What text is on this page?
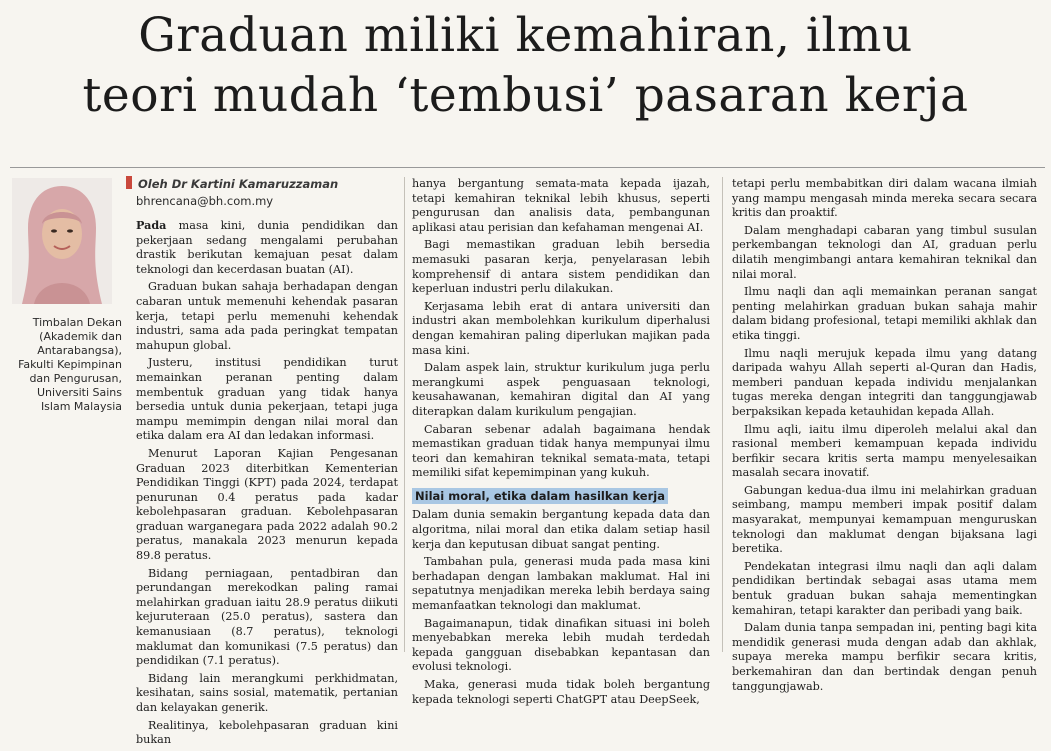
Graduan miliki kemahiran, ilmu
teori mudah ‘tembusi’ pasaran kerja
Timbalan Dekan (Akademik dan Antarabangsa), Fakulti Kepimpinan dan Pengurusan, Universiti Sains Islam Malaysia
Oleh Dr Kartini Kamaruzzaman
bhrencana@bh.com.my

Pada masa kini, dunia pendidikan dan pekerjaan sedang mengalami perubahan drastik berikutan kemajuan pesat dalam teknologi dan kecerdasan buatan (AI).

Graduan bukan sahaja berhadapan dengan cabaran untuk memenuhi kehendak pasaran kerja, tetapi perlu memenuhi kehendak industri, sama ada pada peringkat tempatan mahupun global.

Justeru, institusi pendidikan turut memainkan peranan penting dalam membentuk graduan yang tidak hanya bersedia untuk dunia pekerjaan, tetapi juga mampu memimpin dengan nilai moral dan etika dalam era AI dan ledakan informasi.

Menurut Laporan Kajian Pengesanan Graduan 2023 diterbitkan Kementerian Pendidikan Tinggi (KPT) pada 2024, terdapat penurunan 0.4 peratus pada kadar kebolehpasaran graduan. Kebolehpasaran graduan warganegara pada 2022 adalah 90.2 peratus, manakala 2023 menurun kepada 89.8 peratus.

Bidang perniagaan, pentadbiran dan perundangan merekodkan paling ramai melahirkan graduan iaitu 28.9 peratus diikuti kejuruteraan (25.0 peratus), sastera dan kemanusiaan (8.7 peratus), teknologi maklumat dan komunikasi (7.5 peratus) dan pendidikan (7.1 peratus).

Bidang lain merangkumi perkhidmatan, kesihatan, sains sosial, matematik, pertanian dan kelayakan generik.

Realitinya, kebolehpasaran graduan kini bukan

hanya bergantung semata-mata kepada ijazah, tetapi kemahiran teknikal lebih khusus, seperti pengurusan dan analisis data, pembangunan aplikasi atau perisian dan kefahaman mengenai AI.

Bagi memastikan graduan lebih bersedia memasuki pasaran kerja, penyelarasan lebih komprehensif di antara sistem pendidikan dan keperluan industri perlu dilakukan.

Kerjasama lebih erat di antara universiti dan industri akan membolehkan kurikulum diperhalusi dengan kemahiran paling diperlukan majikan pada masa kini.

Dalam aspek lain, struktur kurikulum juga perlu merangkumi aspek penguasaan teknologi, keusahawanan, kemahiran digital dan AI yang diterapkan dalam kurikulum pengajian.

Cabaran sebenar adalah bagaimana hendak memastikan graduan tidak hanya mempunyai ilmu teori dan kemahiran teknikal semata-mata, tetapi memiliki sifat kepemimpinan yang kukuh.

Nilai moral, etika dalam hasilkan kerja

Dalam dunia semakin bergantung kepada data dan algoritma, nilai moral dan etika dalam setiap hasil kerja dan keputusan dibuat sangat penting.

Tambahan pula, generasi muda pada masa kini berhadapan dengan lambakan maklumat. Hal ini sepatutnya menjadikan mereka lebih berdaya saing memanfaatkan teknologi dan maklumat.

Bagaimanapun, tidak dinafikan situasi ini boleh menyebabkan mereka lebih mudah terdedah kepada gangguan disebabkan kepantasan dan evolusi teknologi.

Maka, generasi muda tidak boleh bergantung kepada teknologi seperti ChatGPT atau DeepSeek,

tetapi perlu membabitkan diri dalam wacana ilmiah yang mampu mengasah minda mereka secara secara kritis dan proaktif.

Dalam menghadapi cabaran yang timbul susulan perkembangan teknologi dan AI, graduan perlu dilatih mengimbangi antara kemahiran teknikal dan nilai moral.

Ilmu naqli dan aqli memainkan peranan sangat penting melahirkan graduan bukan sahaja mahir dalam bidang profesional, tetapi memiliki akhlak dan etika tinggi.

Ilmu naqli merujuk kepada ilmu yang datang daripada wahyu Allah seperti al-Quran dan Hadis, memberi panduan kepada individu menjalankan tugas mereka dengan integriti dan tanggungjawab berpaksikan kepada ketauhidan kepada Allah.

Ilmu aqli, iaitu ilmu diperoleh melalui akal dan rasional memberi kemampuan kepada individu berfikir secara kritis serta mampu menyelesaikan masalah secara inovatif.

Gabungan kedua-dua ilmu ini melahirkan graduan seimbang, mampu memberi impak positif dalam masyarakat, mempunyai kemampuan menguruskan teknologi dan maklumat dengan bijaksana lagi beretika.

Pendekatan integrasi ilmu naqli dan aqli dalam pendidikan bertindak sebagai asas utama mem bentuk graduan bukan sahaja mementingkan kemahiran, tetapi karakter dan peribadi yang baik.

Dalam dunia tanpa sempadan ini, penting bagi kita mendidik generasi muda dengan adab dan akhlak, supaya mereka mampu berfikir secara kritis, berkemahiran dan dan bertindak dengan penuh tanggungjawab.
